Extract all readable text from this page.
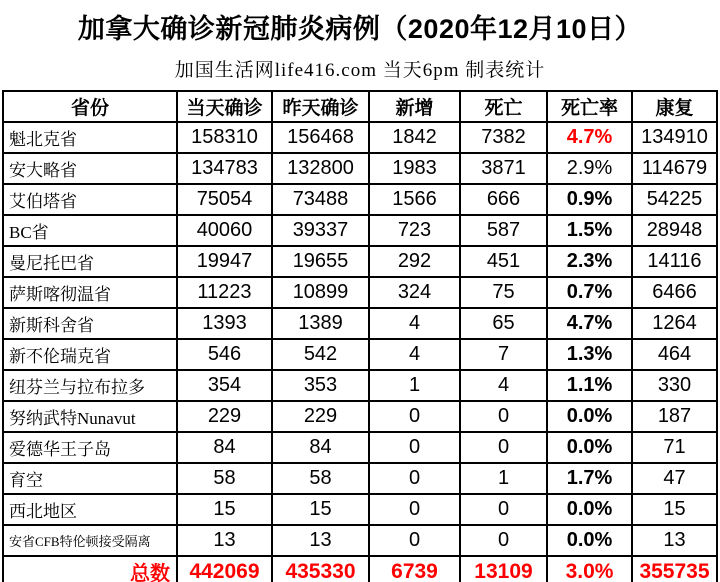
加拿大确诊新冠肺炎病例（2020年12月10日）
加国生活网life416.com 当天6pm 制表统计
省份	当天确诊	昨天确诊	新增	死亡	死亡率	康复
魁北克省	158310	156468	1842	7382	4.7%	134910
安大略省	134783	132800	1983	3871	2.9%	114679
艾伯塔省	75054	73488	1566	666	0.9%	54225
BC省	40060	39337	723	587	1.5%	28948
曼尼托巴省	19947	19655	292	451	2.3%	14116
萨斯喀彻温省	11223	10899	324	75	0.7%	6466
新斯科舍省	1393	1389	4	65	4.7%	1264
新不伦瑞克省	546	542	4	7	1.3%	464
纽芬兰与拉布拉多	354	353	1	4	1.1%	330
努纳武特Nunavut	229	229	0	0	0.0%	187
爱德华王子岛	84	84	0	0	0.0%	71
育空	58	58	0	1	1.7%	47
西北地区	15	15	0	0	0.0%	15
安省CFB特伦顿接受隔离	13	13	0	0	0.0%	13
总数	442069	435330	6739	13109	3.0%	355735
